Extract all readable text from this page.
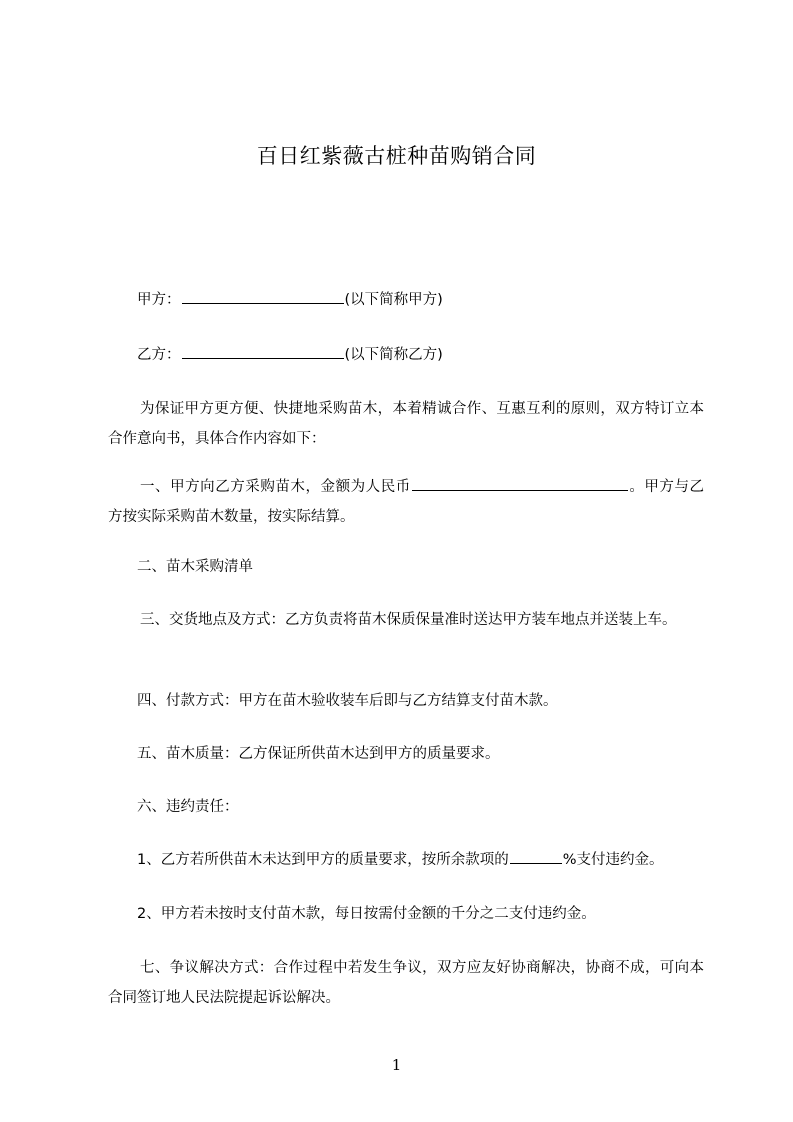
百日红紫薇古桩种苗购销合同
甲方：	(以下简称甲方)
乙方：	(以下简称乙方)
为保证甲方更方便、快捷地采购苗木，本着精诚合作、互惠互利的原则，双方特订立本合作意向书，具体合作内容如下：
一、甲方向乙方采购苗木，金额为人民币	。甲方与乙方按实际采购苗木数量，按实际结算。
二、苗木采购清单
三、交货地点及方式：乙方负责将苗木保质保量准时送达甲方装车地点并送装上车。
四、付款方式：甲方在苗木验收装车后即与乙方结算支付苗木款。
五、苗木质量：乙方保证所供苗木达到甲方的质量要求。
六、违约责任：
1、乙方若所供苗木未达到甲方的质量要求，按所余款项的	%支付违约金。
2、甲方若未按时支付苗木款，每日按需付金额的千分之二支付违约金。
七、争议解决方式：合作过程中若发生争议，双方应友好协商解决，协商不成，可向本合同签订地人民法院提起诉讼解决。
1
